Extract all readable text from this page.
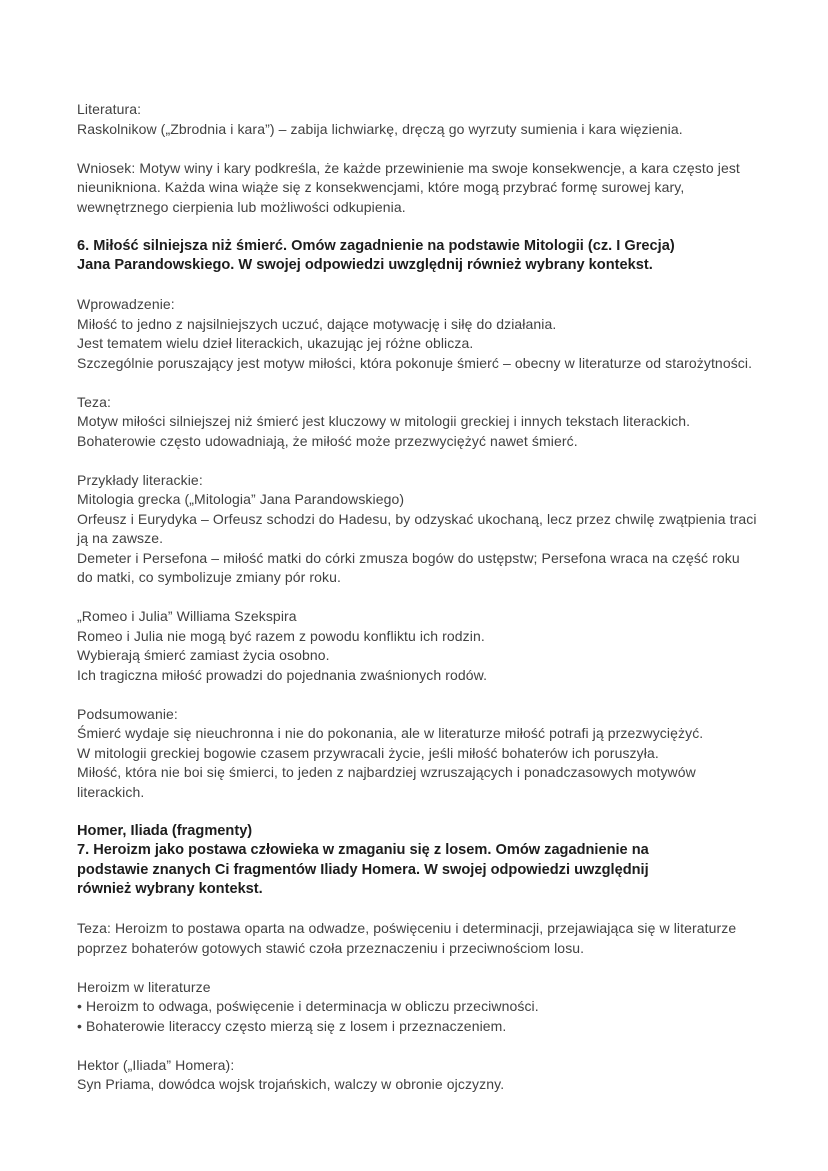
Literatura:
Raskolnikow („Zbrodnia i kara”) – zabija lichwiarkę, dręczą go wyrzuty sumienia i kara więzienia.
Wniosek: Motyw winy i kary podkreśla, że każde przewinienie ma swoje konsekwencje, a kara często jest
nieunikniona. Każda wina wiąże się z konsekwencjami, które mogą przybrać formę surowej kary,
wewnętrznego cierpienia lub możliwości odkupienia.
6. Miłość silniejsza niż śmierć. Omów zagadnienie na podstawie Mitologii (cz. I Grecja)
Jana Parandowskiego. W swojej odpowiedzi uwzględnij również wybrany kontekst.
Wprowadzenie:
Miłość to jedno z najsilniejszych uczuć, dające motywację i siłę do działania.
Jest tematem wielu dzieł literackich, ukazując jej różne oblicza.
Szczególnie poruszający jest motyw miłości, która pokonuje śmierć – obecny w literaturze od starożytności.
Teza:
Motyw miłości silniejszej niż śmierć jest kluczowy w mitologii greckiej i innych tekstach literackich.
Bohaterowie często udowadniają, że miłość może przezwyciężyć nawet śmierć.
Przykłady literackie:
Mitologia grecka („Mitologia” Jana Parandowskiego)
Orfeusz i Eurydyka – Orfeusz schodzi do Hadesu, by odzyskać ukochaną, lecz przez chwilę zwątpienia traci
ją na zawsze.
Demeter i Persefona – miłość matki do córki zmusza bogów do ustępstw; Persefona wraca na część roku
do matki, co symbolizuje zmiany pór roku.
„Romeo i Julia” Williama Szekspira
Romeo i Julia nie mogą być razem z powodu konfliktu ich rodzin.
Wybierają śmierć zamiast życia osobno.
Ich tragiczna miłość prowadzi do pojednania zwaśnionych rodów.
Podsumowanie:
Śmierć wydaje się nieuchronna i nie do pokonania, ale w literaturze miłość potrafi ją przezwyciężyć.
W mitologii greckiej bogowie czasem przywracali życie, jeśli miłość bohaterów ich poruszyła.
Miłość, która nie boi się śmierci, to jeden z najbardziej wzruszających i ponadczasowych motywów
literackich.
Homer, Iliada (fragmenty)
7. Heroizm jako postawa człowieka w zmaganiu się z losem. Omów zagadnienie na
podstawie znanych Ci fragmentów Iliady Homera. W swojej odpowiedzi uwzględnij
również wybrany kontekst.
Teza: Heroizm to postawa oparta na odwadze, poświęceniu i determinacji, przejawiająca się w literaturze
poprzez bohaterów gotowych stawić czoła przeznaczeniu i przeciwnościom losu.
Heroizm w literaturze
• Heroizm to odwaga, poświęcenie i determinacja w obliczu przeciwności.
• Bohaterowie literaccy często mierzą się z losem i przeznaczeniem.
Hektor („Iliada” Homera):
Syn Priama, dowódca wojsk trojańskich, walczy w obronie ojczyzny.
